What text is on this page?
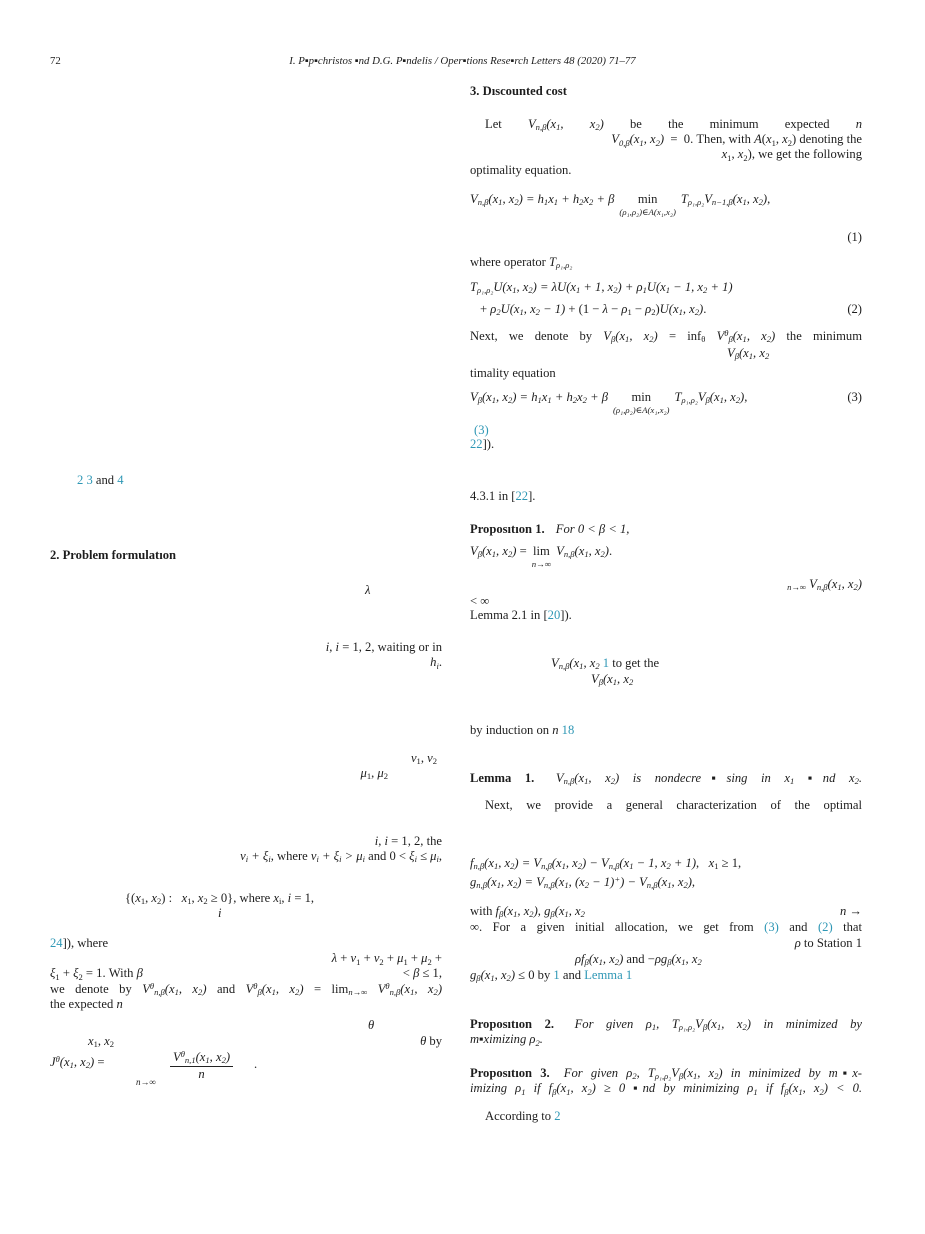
72	I. P▪p▪christos ▪nd D.G. P▪ndelis / Oper▪tions Rese▪rch Letters 48 (2020) 71–77
2 3 and 4
2. Problem formulatıon
λ
i, i = 1, 2, waiting or in
$h_i$.
$\nu_1$, $\nu_2$
$\mu_1$, $\mu_2$
i, i = 1, 2, the
$\nu_i + \xi_i$, where $\nu_i + \xi_i > \mu_i$ and $0 < \xi_i \le \mu_i$,
{($x_1$, $x_2$) :  $x_1$, $x_2 \ge 0$}, where $x_i$, i = 1,
i
24]), where
$\lambda + \nu_1 + \nu_2 + \mu_1 + \mu_2$ +
$\xi_1 + \xi_2 = 1$. With β	< β ≤ 1,
we denote by $V^\theta_{n,\beta}(x_1$, $x_2$) and $V^\theta_\beta(x_1$, $x_2) = \lim_{n\to\infty} V^\theta_{n,\beta}(x_1$, $x_2$)
the expected n
θ
$x_1$, $x_2$	θ by
$J^\theta(x_1$, $x_2$) =
n→∞
$V^\theta_{n,1}(x_1$, $x_2$)
n
.
3. Dıscounted cost
Let $V_{n,\beta}(x_1$, $x_2$) be the minimum expected n
$V_{0,\beta}(x_1$, $x_2$) = 0. Then, with $A(x_1$, $x_2$) denoting the
$x_1$, $x_2$), we get the following
optimality equation.
$V_{n,\beta}(x_1$, $x_2) = h_1x_1 + h_2x_2 + \beta$ min
(ρ₁,ρ₂)∈A(x₁,x₂)
$T_{\rho_1,\rho_2}V_{n-1,\beta}(x_1$, $x_2$),
(1)
where operator $T_{\rho_1,\rho_2}$
$T_{\rho_1,\rho_2}U(x_1$, $x_2) = \lambda U(x_1 + 1$, $x_2) + \rho_1U(x_1 - 1$, $x_2 + 1$)
+ $\rho_2U(x_1$, $x_2 - 1) + (1 - \lambda - \rho_1 - \rho_2)U(x_1$, $x_2$).	(2)
Next, we denote by $V_\beta(x_1$, $x_2) = inf_\theta$ $V^\theta_\beta(x_1$, $x_2$) the minimum
$V_\beta(x_1$, $x_2$
timality equation
$V_\beta(x_1$, $x_2) = h_1x_1 + h_2x_2 + \beta$ min
(ρ₁,ρ₂)∈A(x₁,x₂)
$T_{\rho_1,\rho_2}V_\beta(x_1$, $x_2$),	(3)
(3)
22]).
4.3.1 in [22].
Proposıtıon 1. For 0 < β < 1,
$V_\beta(x_1$, $x_2) = \lim$
n→∞
$V_{n,\beta}(x_1$, $x_2$).
$_{n\to\infty}$ $V_{n,\beta}(x_1$, $x_2$)
< ∞
Lemma 2.1 in [20]).
$V_{n,\beta}(x_1$, $x_2$ 1 to get the
$V_\beta(x_1$, $x_2$
by induction on n 18
Lemma 1. $V_{n,\beta}(x_1$, $x_2$) is nondecre▪sing in $x_1$ ▪nd $x_2$.
Next, we provide a general characterization of the optimal
$f_{n,\beta}(x_1$, $x_2) = V_{n,\beta}(x_1$, $x_2) - V_{n,\beta}(x_1 - 1$, $x_2 + 1$),  $x_1 \ge 1$,
$g_{n,\beta}(x_1$, $x_2) = V_{n,\beta}(x_1$, $(x_2 - 1)^+) - V_{n,\beta}(x_1$, $x_2$),
with $f_\beta(x_1$, $x_2$), $g_\beta(x_1$, $x_2$	n →
∞. For a given initial allocation, we get from (3) and (2) that
ρ to Station 1
$\rho f_\beta(x_1$, $x_2$) and $-\rho g_\beta(x_1$, $x_2$
$g_\beta(x_1$, $x_2) \le 0$ by 1 and Lemma 1
Proposıtıon 2. For given $\rho_1$, $T_{\rho_1,\rho_2}V_\beta(x_1$, $x_2$) in minimized by
m▪ximizing $\rho_2$.
Proposıtıon 3. For given $\rho_2$, $T_{\rho_1,\rho_2}V_\beta(x_1$, $x_2$) in minimized by m▪x-
imizing $\rho_1$ if $f_\beta(x_1$, $x_2) \ge 0$ ▪nd by minimizing $\rho_1$ if $f_\beta(x_1$, $x_2) < 0$.
According to 2
